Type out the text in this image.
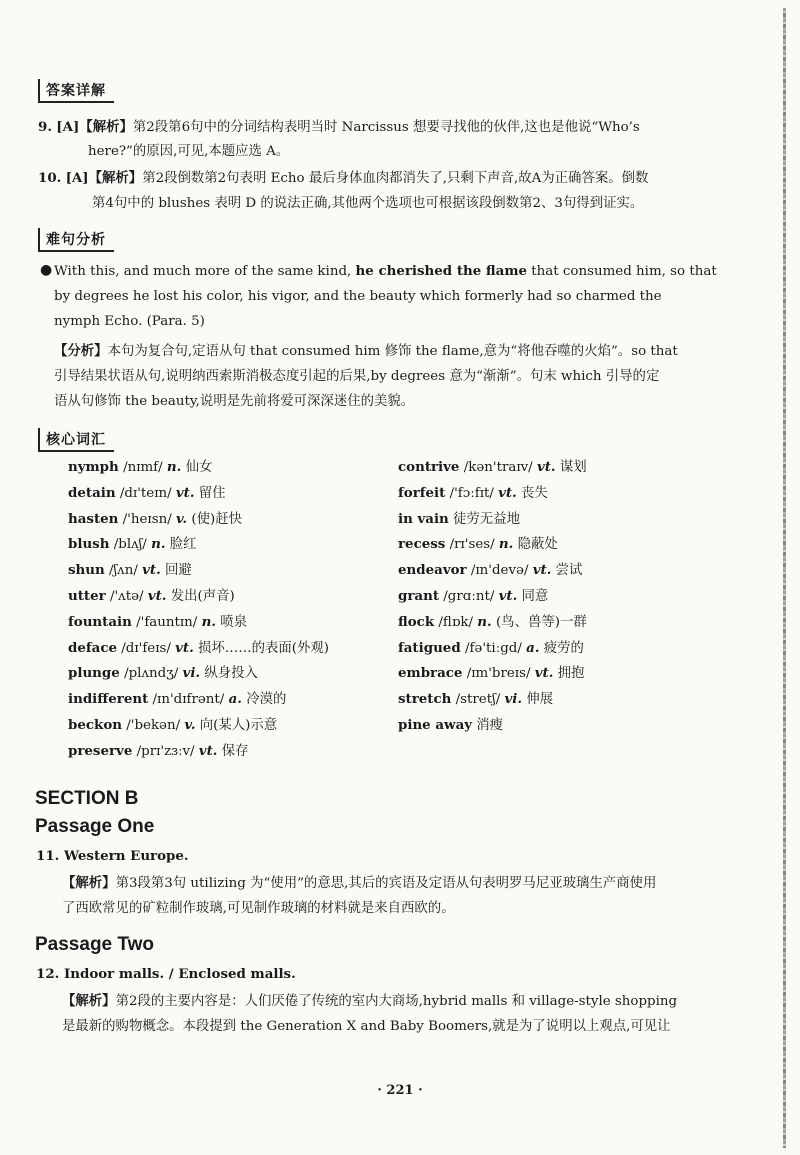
答案详解
9. [A]【解析】第2段第6句中的分词结构表明当时 Narcissus 想要寻找他的伙伴,这也是他说“Who’s
here?”的原因,可见,本题应选 A。
10. [A]【解析】第2段倒数第2句表明 Echo 最后身体血肉都消失了,只剩下声音,故A为正确答案。倒数
第4句中的 blushes 表明 D 的说法正确,其他两个选项也可根据该段倒数第2、3句得到证实。
难句分析
● With this, and much more of the same kind, he cherished the flame that consumed him, so that
by degrees he lost his color, his vigor, and the beauty which formerly had so charmed the
nymph Echo. (Para. 5)
【分析】本句为复合句,定语从句 that consumed him 修饰 the flame,意为“将他吞噬的火焰”。so that
引导结果状语从句,说明纳西索斯消极态度引起的后果,by degrees 意为“渐渐”。句末 which 引导的定
语从句修饰 the beauty,说明是先前将爱可深深迷住的美貌。
核心词汇
nymph /nɪmf/ n. 仙女
detain /dɪ'teɪn/ vt. 留住
hasten /'heɪsn/ v. (使)赶快
blush /blʌʃ/ n. 脸红
shun /ʃʌn/ vt. 回避
utter /'ʌtə/ vt. 发出(声音)
fountain /'fauntɪn/ n. 喷泉
deface /dɪ'feɪs/ vt. 损坏……的表面(外观)
plunge /plʌndʒ/ vi. 纵身投入
indifferent /ɪn'dɪfrənt/ a. 冷漠的
beckon /'bekən/ v. 向(某人)示意
preserve /prɪ'zɜːv/ vt. 保存
contrive /kən'traɪv/ vt. 谋划
forfeit /'fɔːfɪt/ vt. 丧失
in vain 徒劳无益地
recess /rɪ'ses/ n. 隐蔽处
endeavor /ɪn'devə/ vt. 尝试
grant /grɑːnt/ vt. 同意
flock /flɒk/ n. (鸟、兽等)一群
fatigued /fə'tiːgd/ a. 疲劳的
embrace /ɪm'breɪs/ vt. 拥抱
stretch /stretʃ/ vi. 伸展
pine away 消瘦
SECTION B
Passage One
11. Western Europe.
【解析】第3段第3句 utilizing 为“使用”的意思,其后的宾语及定语从句表明罗马尼亚玻璃生产商使用
了西欧常见的矿粒制作玻璃,可见制作玻璃的材料就是来自西欧的。
Passage Two
12. Indoor malls. / Enclosed malls.
【解析】第2段的主要内容是：人们厌倦了传统的室内大商场,hybrid malls 和 village-style shopping
是最新的购物概念。本段提到 the Generation X and Baby Boomers,就是为了说明以上观点,可见让
· 221 ·
